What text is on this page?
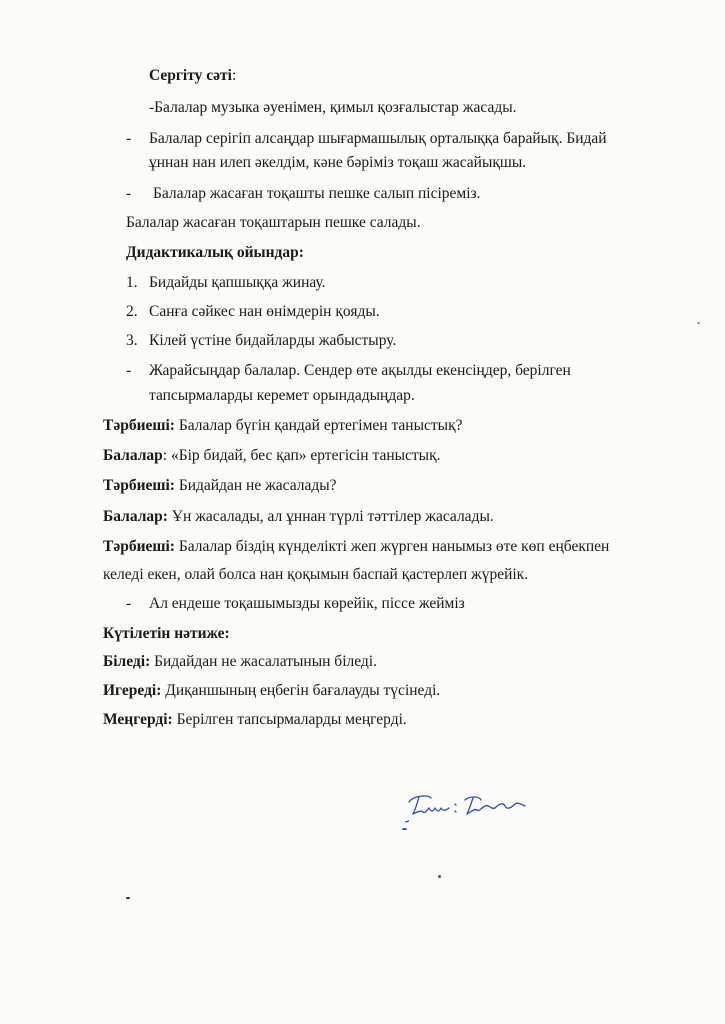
Сергіту сәті:
-Балалар музыка әуенімен, қимыл қозғалыстар жасады.
- Балалар серігіп алсаңдар шығармашылық орталыққа барайық. Бидай
ұннан нан илеп әкелдім, кәне бәріміз тоқаш жасайықшы.
- Балалар жасаған тоқашты пешке салып пісіреміз.
Балалар жасаған тоқаштарын пешке салады.
Дидактикалық ойындар:
1. Бидайды қапшыққа жинау.
2. Санға сәйкес нан өнімдерін қояды.
3. Кілей үстіне бидайларды жабыстыру.
- Жарайсыңдар балалар. Сендер өте ақылды екенсіңдер, берілген
тапсырмаларды керемет орындадыңдар.
Тәрбиеші: Балалар бүгін қандай ертегімен таныстық?
Балалар: «Бір бидай, бес қап» ертегісін таныстық.
Тәрбиеші: Бидайдан не жасалады?
Балалар: Ұн жасалады, ал ұннан түрлі тәттілер жасалады.
Тәрбиеші: Балалар біздің күнделікті жеп жүрген нанымыз өте көп еңбекпен
келеді екен, олай болса нан қоқымын баспай қастерлеп жүрейік.
- Ал ендеше тоқашымызды көрейік, піссе жейміз
Күтілетін нәтиже:
Біледі: Бидайдан не жасалатынын біледі.
Игереді: Диқаншының еңбегін бағалауды түсінеді.
Меңгерді: Берілген тапсырмаларды меңгерді.
